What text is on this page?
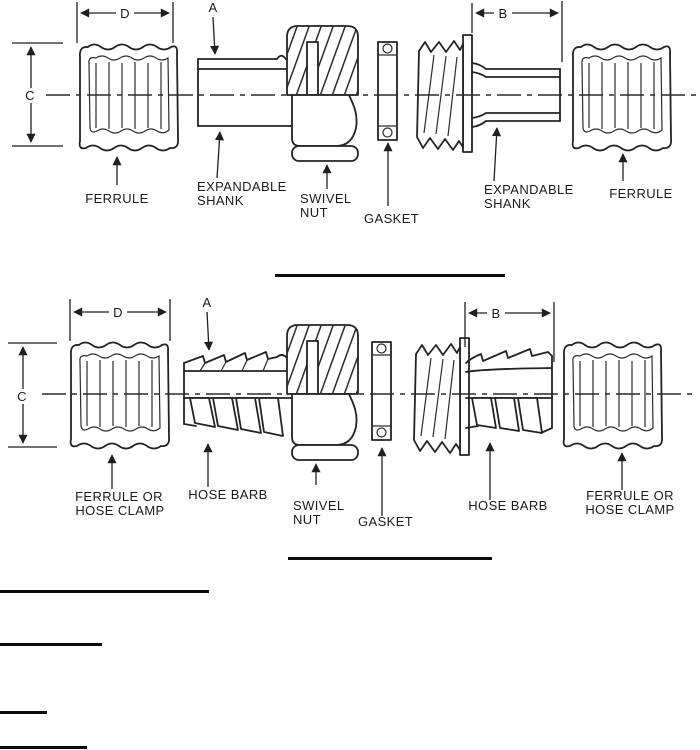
D	A	B
C
FERRULE
EXPANDABLE
SHANK	SWIVEL
NUT	GASKET
EXPANDABLE
SHANK
FERRULE
D
A
B
C
FERRULE OR
HOSE CLAMP
HOSE BARB
SWIVEL
NUT	GASKET
HOSE BARB
FERRULE OR
HOSE CLAMP
